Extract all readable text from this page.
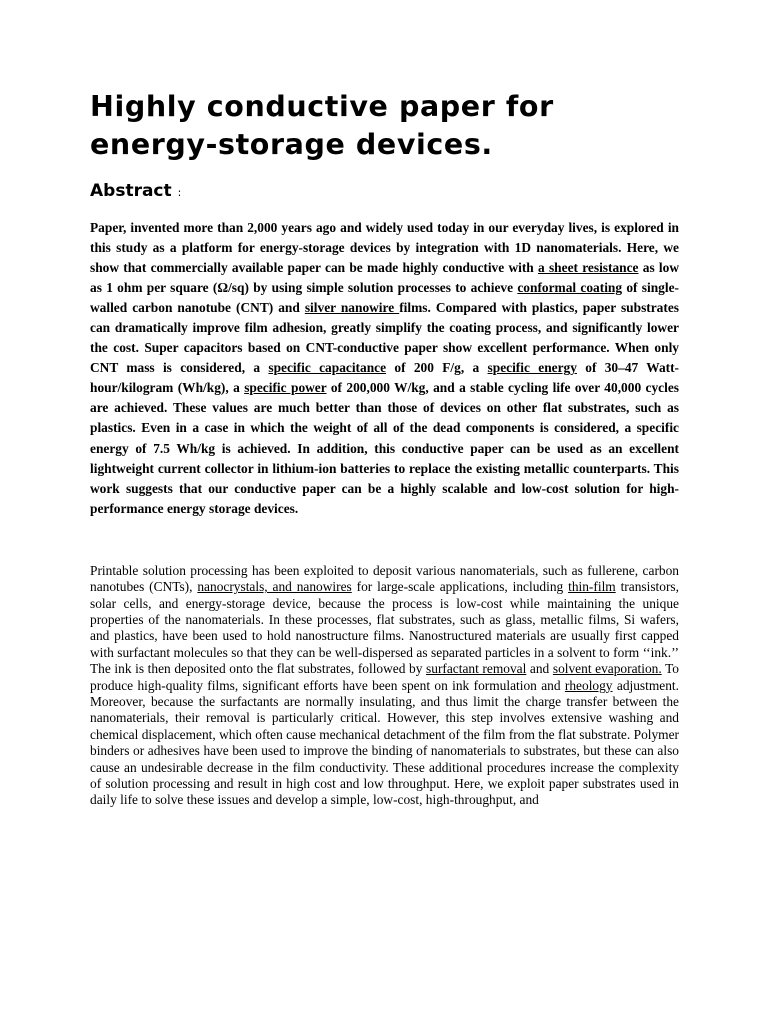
Highly conductive paper for energy-storage devices.
Abstract :

Paper, invented more than 2,000 years ago and widely used today in our everyday lives, is explored in this study as a platform for energy-storage devices by integration with 1D nanomaterials. Here, we show that commercially available paper can be made highly conductive with a sheet resistance as low as 1 ohm per square (Ω/sq) by using simple solution processes to achieve conformal coating of single-walled carbon nanotube (CNT) and silver nanowire films. Compared with plastics, paper substrates can dramatically improve film adhesion, greatly simplify the coating process, and significantly lower the cost. Super capacitors based on CNT-conductive paper show excellent performance. When only CNT mass is considered, a specific capacitance of 200 F/g, a specific energy of 30–47 Watt-hour/kilogram (Wh/kg), a specific power of 200,000 W/kg, and a stable cycling life over 40,000 cycles are achieved. These values are much better than those of devices on other flat substrates, such as plastics. Even in a case in which the weight of all of the dead components is considered, a specific energy of 7.5 Wh/kg is achieved. In addition, this conductive paper can be used as an excellent lightweight current collector in lithium-ion batteries to replace the existing metallic counterparts. This work suggests that our conductive paper can be a highly scalable and low-cost solution for high-performance energy storage devices.

Printable solution processing has been exploited to deposit various nanomaterials, such as fullerene, carbon nanotubes (CNTs), nanocrystals, and nanowires for large-scale applications, including thin-film transistors, solar cells, and energy-storage device, because the process is low-cost while maintaining the unique properties of the nanomaterials. In these processes, flat substrates, such as glass, metallic films, Si wafers, and plastics, have been used to hold nanostructure films. Nanostructured materials are usually first capped with surfactant molecules so that they can be well-dispersed as separated particles in a solvent to form ‘‘ink.’’ The ink is then deposited onto the flat substrates, followed by surfactant removal and solvent evaporation. To produce high-quality films, significant efforts have been spent on ink formulation and rheology adjustment. Moreover, because the surfactants are normally insulating, and thus limit the charge transfer between the nanomaterials, their removal is particularly critical. However, this step involves extensive washing and chemical displacement, which often cause mechanical detachment of the film from the flat substrate. Polymer binders or adhesives have been used to improve the binding of nanomaterials to substrates, but these can also cause an undesirable decrease in the film conductivity. These additional procedures increase the complexity of solution processing and result in high cost and low throughput. Here, we exploit paper substrates used in daily life to solve these issues and develop a simple, low-cost, high-throughput, and
